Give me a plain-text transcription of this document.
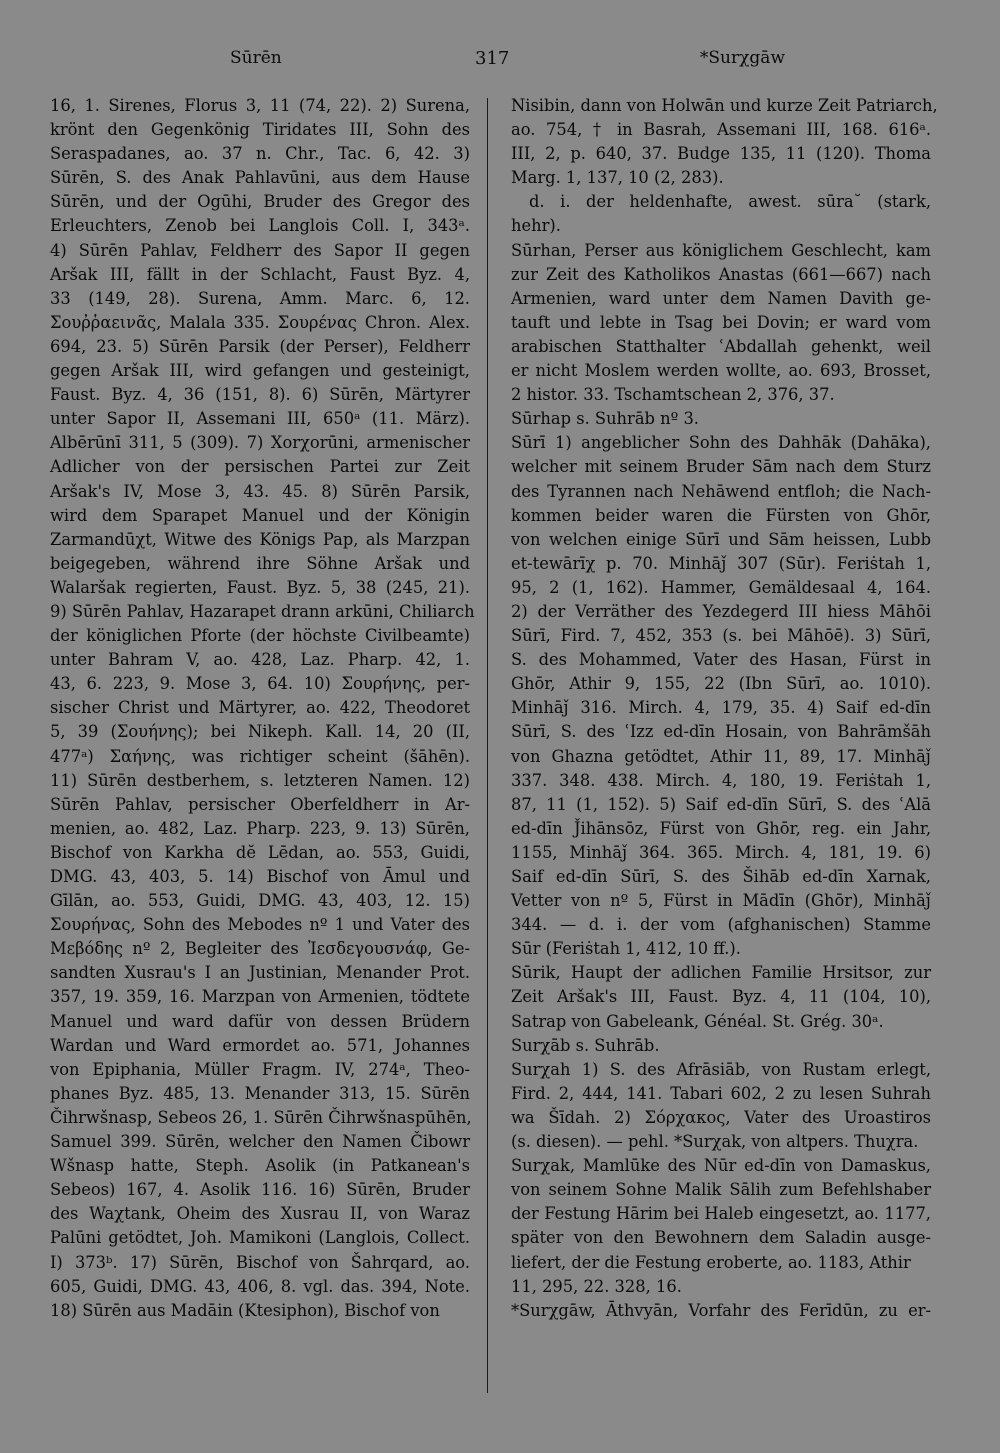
Sūrēn	317	*Surχgāw
16, 1. Sirenes, Florus 3, 11 (74, 22). 2) Surena,
krönt den Gegenkönig Tiridates III, Sohn des
Seraspadanes, ao. 37 n. Chr., Tac. 6, 42. 3)
Sūrēn, S. des Anak Pahlavūni, aus dem Hause
Sūrēn, und der Ogūhi, Bruder des Gregor des
Erleuchters, Zenob bei Langlois Coll. I, 343ᵃ.
4) Sūrēn Pahlav, Feldherr des Sapor II gegen
Aršak III, fällt in der Schlacht, Faust Byz. 4,
33 (149, 28). Surena, Amm. Marc. 6, 12.
Σουῤῥαεινᾶς, Malala 335. Σουρένας Chron. Alex.
694, 23. 5) Sūrēn Parsik (der Perser), Feldherr
gegen Aršak III, wird gefangen und gesteinigt,
Faust. Byz. 4, 36 (151, 8). 6) Sūrēn, Märtyrer
unter Sapor II, Assemani III, 650ᵃ (11. März).
Albērūnī 311, 5 (309). 7) Xorχorūni, armenischer
Adlicher von der persischen Partei zur Zeit
Aršak's IV, Mose 3, 43. 45. 8) Sūrēn Parsik,
wird dem Sparapet Manuel und der Königin
Zarmandūχt, Witwe des Königs Pap, als Marzpan
beigegeben, während ihre Söhne Aršak und
Walaršak regierten, Faust. Byz. 5, 38 (245, 21).
9) Sūrēn Pahlav, Hazarapet drann arkūni, Chiliarch
der königlichen Pforte (der höchste Civilbeamte)
unter Bahram V, ao. 428, Laz. Pharp. 42, 1.
43, 6. 223, 9. Mose 3, 64. 10) Σουρήνης, per-
sischer Christ und Märtyrer, ao. 422, Theodoret
5, 39 (Σουήνης); bei Nikeph. Kall. 14, 20 (II,
477ᵃ) Σαήνης, was richtiger scheint (šāhēn).
11) Sūrēn destberhem, s. letzteren Namen. 12)
Sūrēn Pahlav, persischer Oberfeldherr in Ar-
menien, ao. 482, Laz. Pharp. 223, 9. 13) Sūrēn,
Bischof von Karkha dĕ Lēdan, ao. 553, Guidi,
DMG. 43, 403, 5. 14) Bischof von Āmul und
Gīlān, ao. 553, Guidi, DMG. 43, 403, 12. 15)
Σουρήνας, Sohn des Mebodes nº 1 und Vater des
Μεβόδης nº 2, Begleiter des Ἰεσδεγουσνάφ, Ge-
sandten Xusrau's I an Justinian, Menander Prot.
357, 19. 359, 16. Marzpan von Armenien, tödtete
Manuel und ward dafür von dessen Brüdern
Wardan und Ward ermordet ao. 571, Johannes
von Epiphania, Müller Fragm. IV, 274ᵃ, Theo-
phanes Byz. 485, 13. Menander 313, 15. Sūrēn
Čihrwšnasp, Sebeos 26, 1. Sūrēn Čihrwšnaspūhēn,
Samuel 399. Sūrēn, welcher den Namen Čibowr
Wšnasp hatte, Steph. Asolik (in Patkanean's
Sebeos) 167, 4. Asolik 116. 16) Sūrēn, Bruder
des Waχtank, Oheim des Xusrau II, von Waraz
Palūni getödtet, Joh. Mamikoni (Langlois, Collect.
I) 373ᵇ. 17) Sūrēn, Bischof von Šahrqard, ao.
605, Guidi, DMG. 43, 406, 8. vgl. das. 394, Note.
18) Sūrēn aus Madāin (Ktesiphon), Bischof von
Nisibin, dann von Holwān und kurze Zeit Patriarch,
ao. 754, † in Basrah, Assemani III, 168. 616ᵃ.
III, 2, p. 640, 37. Budge 135, 11 (120). Thoma
Marg. 1, 137, 10 (2, 283).
d. i. der heldenhafte, awest. sūra˘ (stark,
hehr).
Sūrhan, Perser aus königlichem Geschlecht, kam
zur Zeit des Katholikos Anastas (661—667) nach
Armenien, ward unter dem Namen Davith ge-
tauft und lebte in Tsag bei Dovin; er ward vom
arabischen Statthalter ʿAbdallah gehenkt, weil
er nicht Moslem werden wollte, ao. 693, Brosset,
2 histor. 33. Tschamtschean 2, 376, 37.
Sūrhap s. Suhrāb nº 3.
Sūrī 1) angeblicher Sohn des Dahhāk (Dahāka),
welcher mit seinem Bruder Sām nach dem Sturz
des Tyrannen nach Nehāwend entfloh; die Nach-
kommen beider waren die Fürsten von Ghōr,
von welchen einige Sūrī und Sām heissen, Lubb
et-tewārīχ p. 70. Minhāǰ 307 (Sūr). Feriṡtah 1,
95, 2 (1, 162). Hammer, Gemäldesaal 4, 164.
2) der Verräther des Yezdegerd III hiess Māhōi
Sūrī, Fird. 7, 452, 353 (s. bei Māhōē). 3) Sūrī,
S. des Mohammed, Vater des Hasan, Fürst in
Ghōr, Athir 9, 155, 22 (Ibn Sūrī, ao. 1010).
Minhāǰ 316. Mirch. 4, 179, 35. 4) Saif ed-dīn
Sūrī, S. des ʿIzz ed-dīn Hosain, von Bahrāmšāh
von Ghazna getödtet, Athir 11, 89, 17. Minhāǰ
337. 348. 438. Mirch. 4, 180, 19. Feriṡtah 1,
87, 11 (1, 152). 5) Saif ed-dīn Sūrī, S. des ʿAlā
ed-dīn J̌ihānsōz, Fürst von Ghōr, reg. ein Jahr,
1155, Minhāǰ 364. 365. Mirch. 4, 181, 19. 6)
Saif ed-dīn Sūrī, S. des Šihāb ed-dīn Xarnak,
Vetter von nº 5, Fürst in Mādīn (Ghōr), Minhāǰ
344. — d. i. der vom (afghanischen) Stamme
Sūr (Feriṡtah 1, 412, 10 ff.).
Sūrik, Haupt der adlichen Familie Hrsitsor, zur
Zeit Aršak's III, Faust. Byz. 4, 11 (104, 10),
Satrap von Gabeleank, Généal. St. Grég. 30ᵃ.
Surχāb s. Suhrāb.
Surχah 1) S. des Afrāsiāb, von Rustam erlegt,
Fird. 2, 444, 141. Tabari 602, 2 zu lesen Suhrah
wa Šīdah. 2) Σόρχακος, Vater des Uroastiros
(s. diesen). — pehl. *Surχak, von altpers. Thuχra.
Surχak, Mamlūke des Nūr ed-dīn von Damaskus,
von seinem Sohne Malik Sālih zum Befehlshaber
der Festung Hārim bei Haleb eingesetzt, ao. 1177,
später von den Bewohnern dem Saladin ausge-
liefert, der die Festung eroberte, ao. 1183, Athir
11, 295, 22. 328, 16.
*Surχgāw, Āthvyān, Vorfahr des Ferīdūn, zu er-
